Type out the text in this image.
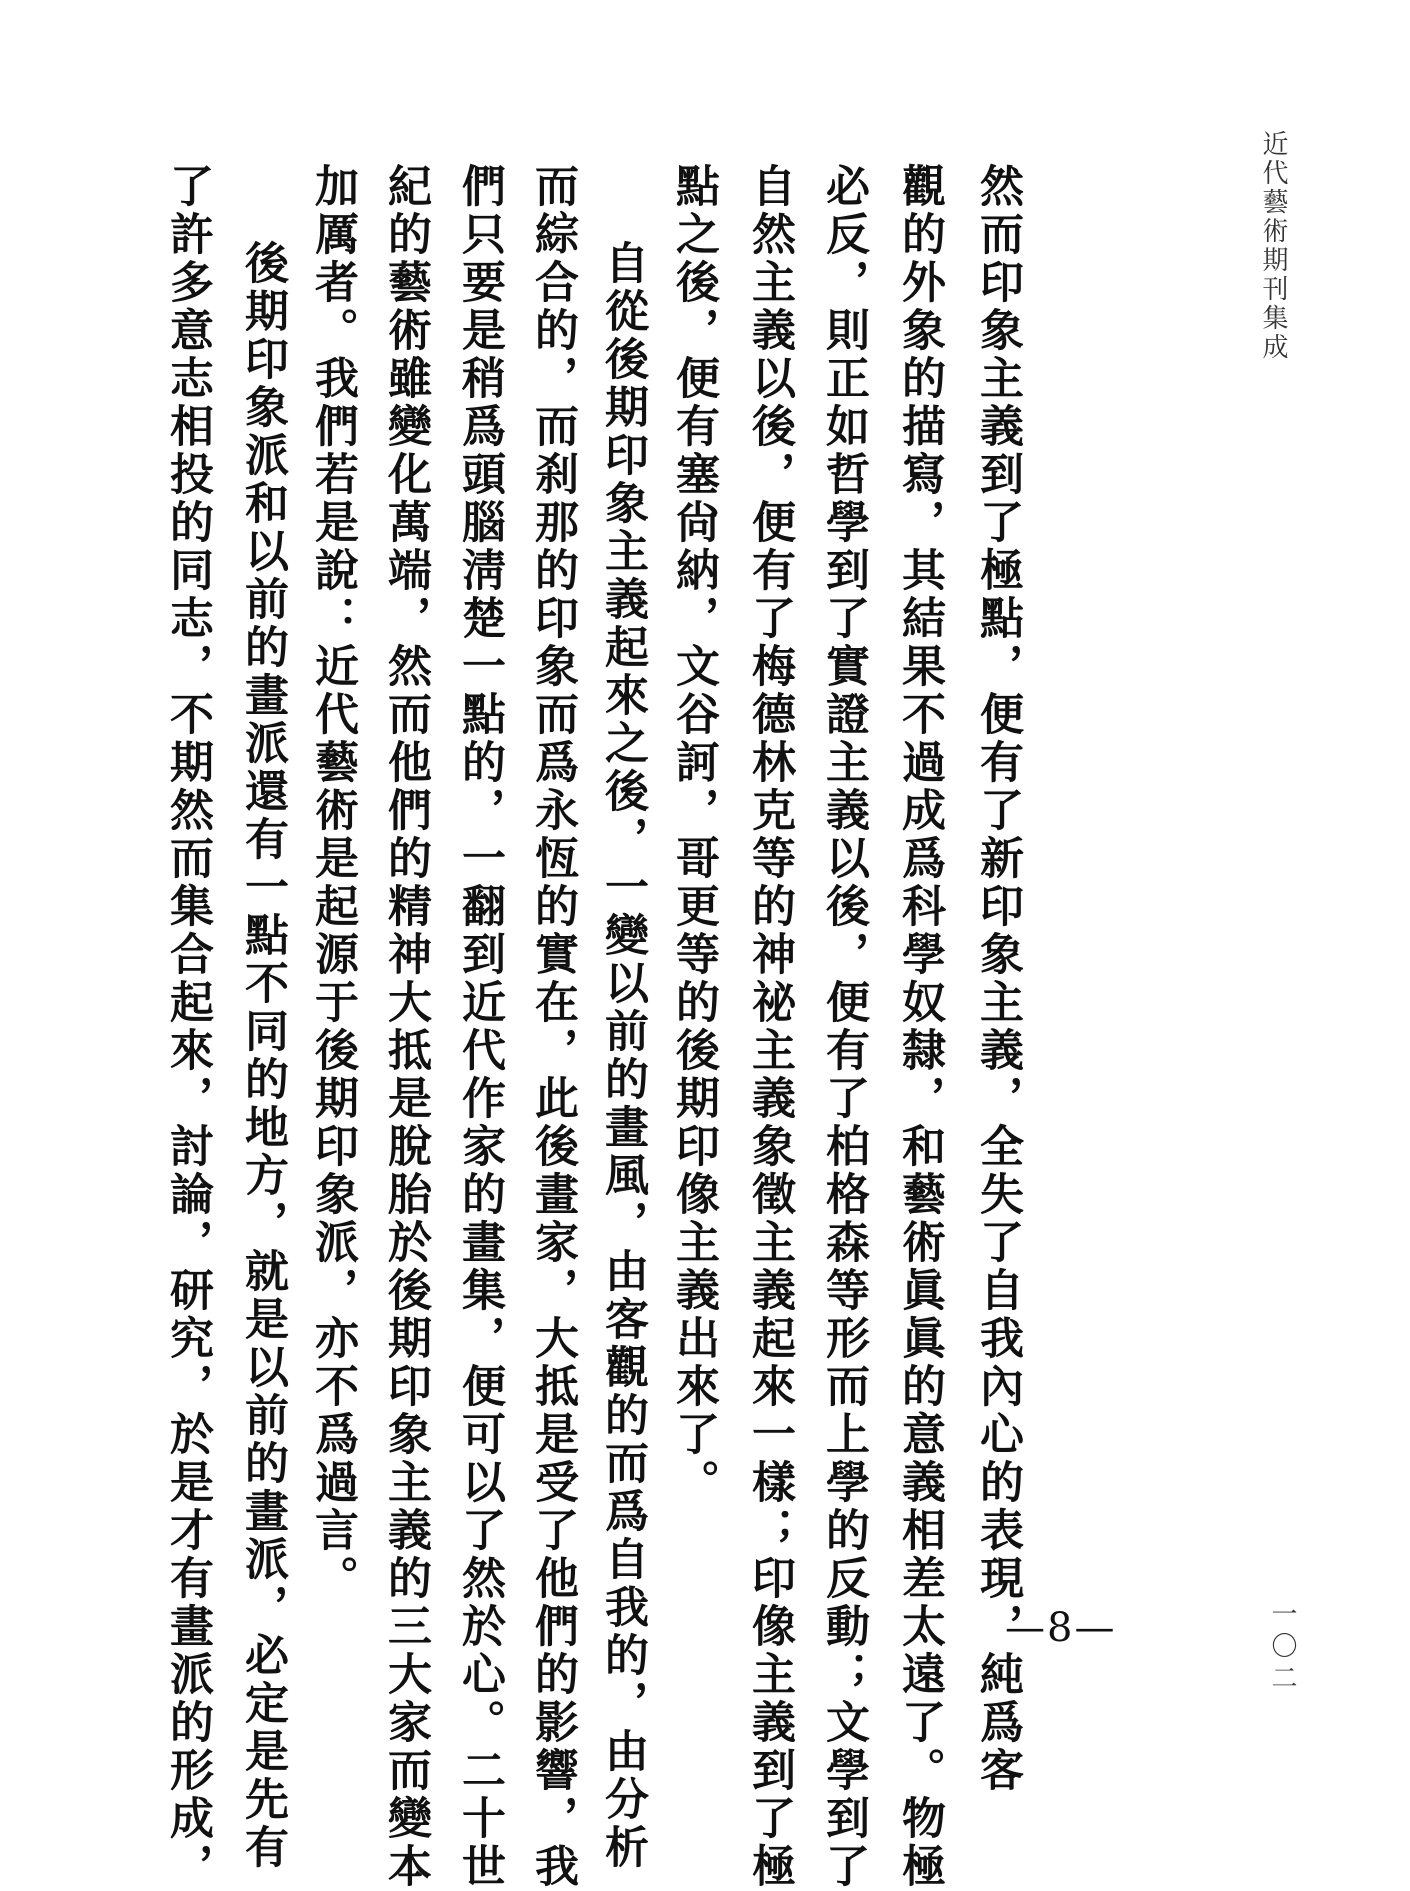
近代藝術期刊集成
然而印象主義到了極點，便有了新印象主義，全失了自我內心的表現，純爲客
觀的外象的描寫，其結果不過成爲科學奴隸，和藝術眞眞的意義相差太遠了。物極
必反，則正如哲學到了實證主義以後，便有了柏格森等形而上學的反動；文學到了
自然主義以後，便有了梅德林克等的神祕主義象徵主義起來一樣；印像主義到了極
點之後，便有塞尙納，文谷訶，哥更等的後期印像主義出來了。
自從後期印象主義起來之後，一變以前的畫風，由客觀的而爲自我的，由分析
而綜合的，而刹那的印象而爲永恆的實在，此後畫家，大抵是受了他們的影響，我
們只要是稍爲頭腦淸楚一點的，一翻到近代作家的畫集，便可以了然於心。二十世
紀的藝術雖變化萬端，然而他們的精神大抵是脫胎於後期印象主義的三大家而變本
加厲者。我們若是說：近代藝術是起源于後期印象派，亦不爲過言。
後期印象派和以前的畫派還有一點不同的地方，就是以前的畫派，必定是先有
了許多意志相投的同志，不期然而集合起來，討論，研究，於是才有畫派的形成，	—8—	一〇二
